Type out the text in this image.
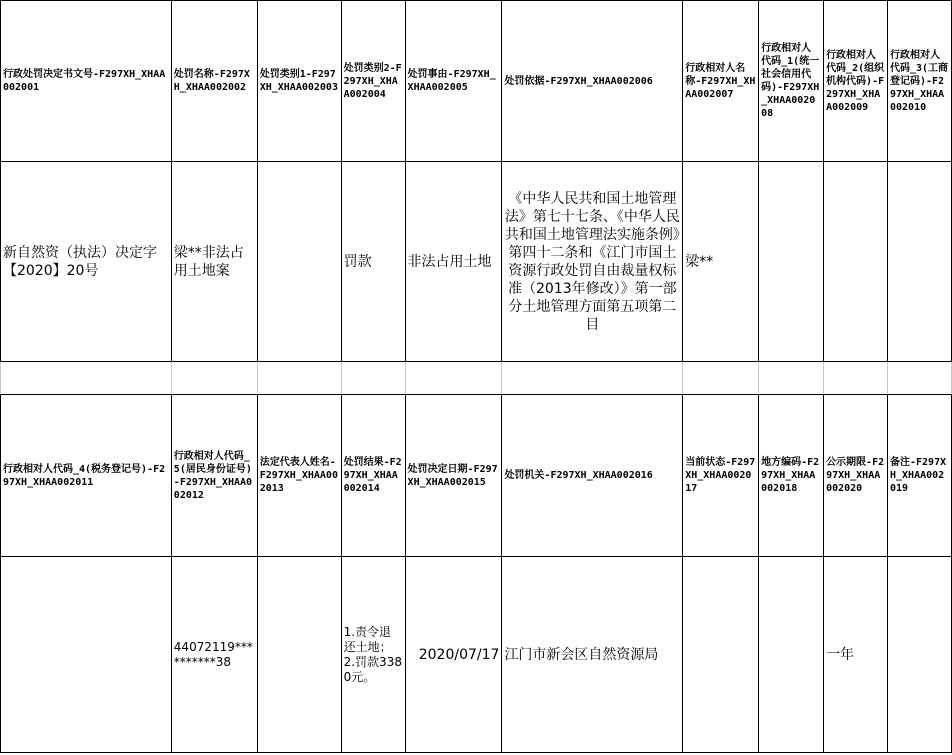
行政处罚决定书文号-F297XH_XHAA002001	处罚名称-F297XH_XHAA002002	处罚类别1-F297XH_XHAA002003	处罚类别2-F297XH_XHAA002004	处罚事由-F297XH_XHAA002005	处罚依据-F297XH_XHAA002006	行政相对人名称-F297XH_XHAA002007	行政相对人代码_1(统一社会信用代码)-F297XH_XHAA002008	行政相对人代码_2(组织机构代码)-F297XH_XHAA002009	行政相对人代码_3(工商登记码)-F297XH_XHAA002010
新自然资（执法）决定字【2020】20号	梁**非法占用土地案		罚款	非法占用土地	《中华人民共和国土地管理法》第七十七条、《中华人民共和国土地管理法实施条例》第四十二条和《江门市国土资源行政处罚自由裁量权标准（2013年修改）》第一部分土地管理方面第五项第二目	梁**			

行政相对人代码_4(税务登记号)-F297XH_XHAA002011	行政相对人代码_5(居民身份证号)-F297XH_XHAA002012	法定代表人姓名-F297XH_XHAA002013	处罚结果-F297XH_XHAA002014	处罚决定日期-F297XH_XHAA002015	处罚机关-F297XH_XHAA002016	当前状态-F297XH_XHAA002017	地方编码-F297XH_XHAA002018	公示期限-F297XH_XHAA002020	备注-F297XH_XHAA002019
	44072119**********38		1.责令退还土地；2.罚款3380元。	2020/07/17	江门市新会区自然资源局			一年	
